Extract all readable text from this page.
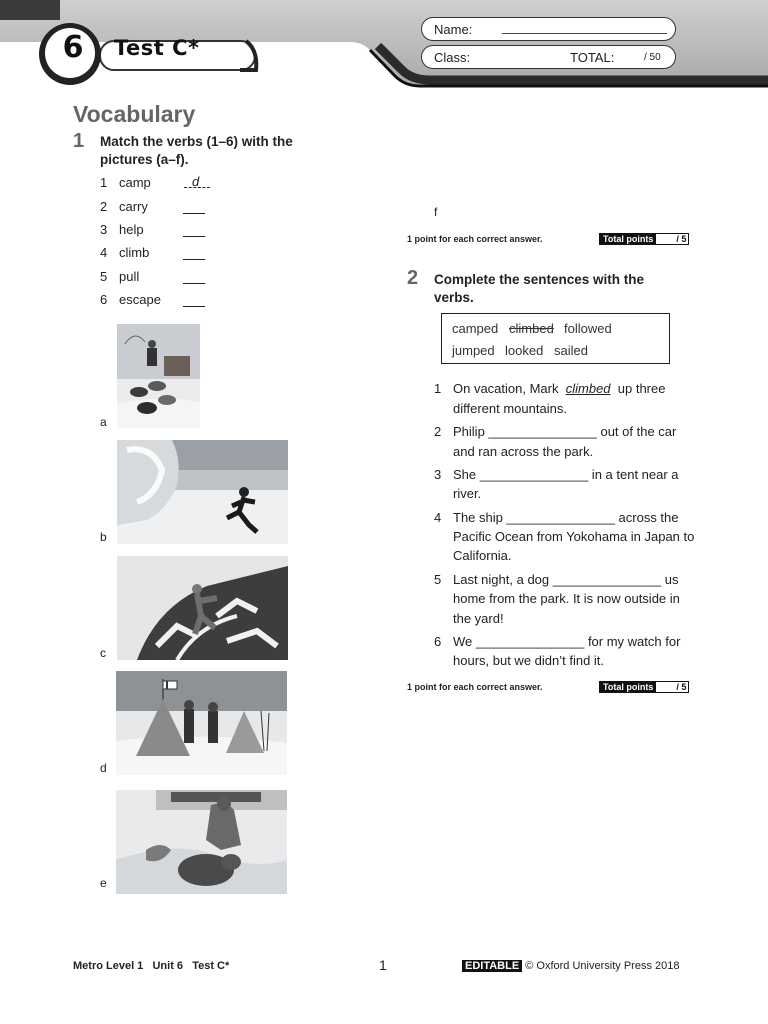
6 Test C*
Name:
Class:	TOTAL:	/ 50
Vocabulary
1 Match the verbs (1–6) with the
pictures (a–f).
1 camp	d
2 carry
3 help
4 climb
5 pull
6 escape
a
b
c
d
e
f
1 point for each correct answer.	Total points	/ 5
2 Complete the sentences with the
verbs.
camped climbed followed
jumped looked sailed
1 On vacation, Mark climbed up three
different mountains.
2 Philip _______________ out of the car
and ran across the park.
3 She _______________ in a tent near a
river.
4 The ship _______________ across the
Pacific Ocean from Yokohama in Japan to
California.
5 Last night, a dog _______________ us
home from the park. It is now outside in
the yard!
6 We _______________ for my watch for
hours, but we didn’t find it.
1 point for each correct answer.	Total points	/ 5
Metro Level 1   Unit 6   Test C*	1	EDITABLE © Oxford University Press 2018
